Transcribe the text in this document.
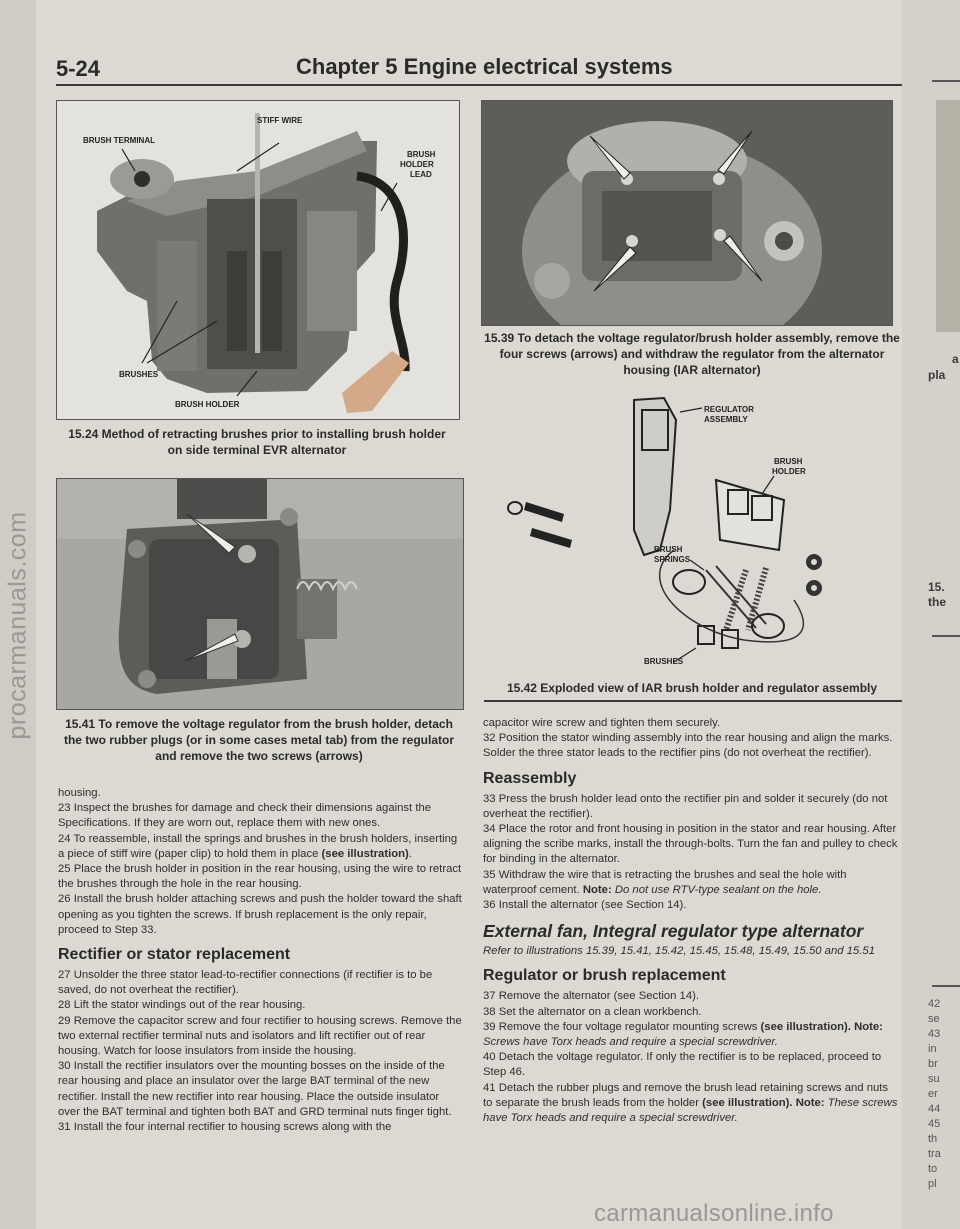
procarmanuals.com
a
pla
15.
the
42
se
43
in
br
su
er
44
45
th
tra
to
pl
5-24	Chapter 5 Engine electrical systems
STIFF WIRE
BRUSH TERMINAL
BRUSH
HOLDER
LEAD
BRUSHES
BRUSH HOLDER
15.24 Method of retracting brushes prior to installing brush holder on side terminal EVR alternator
15.41 To remove the voltage regulator from the brush holder, detach the two rubber plugs (or in some cases metal tab) from the regulator and remove the two screws (arrows)
15.39 To detach the voltage regulator/brush holder assembly, remove the four screws (arrows) and withdraw the regulator from the alternator housing (IAR alternator)
REGULATOR
ASSEMBLY
BRUSH
HOLDER
BRUSH
SPRINGS
BRUSHES
15.42 Exploded view of IAR brush holder and regulator assembly

housing.

23 Inspect the brushes for damage and check their dimensions against the Specifications. If they are worn out, replace them with new ones.

24 To reassemble, install the springs and brushes in the brush holders, inserting a piece of stiff wire (paper clip) to hold them in place (see illustration).

25 Place the brush holder in position in the rear housing, using the wire to retract the brushes through the hole in the rear housing.

26 Install the brush holder attaching screws and push the holder toward the shaft opening as you tighten the screws. If brush replacement is the only repair, proceed to Step 33.

Rectifier or stator replacement

27 Unsolder the three stator lead-to-rectifier connections (if rectifier is to be saved, do not overheat the rectifier).

28 Lift the stator windings out of the rear housing.

29 Remove the capacitor screw and four rectifier to housing screws. Remove the two external rectifier terminal nuts and isolators and lift rectifier out of rear housing. Watch for loose insulators from inside the housing.

30 Install the rectifier insulators over the mounting bosses on the inside of the rear housing and place an insulator over the large BAT terminal of the new rectifier. Install the new rectifier into rear housing. Place the outside insulator over the BAT terminal and tighten both BAT and GRD terminal nuts finger tight.

31 Install the four internal rectifier to housing screws along with the

capacitor wire screw and tighten them securely.

32 Position the stator winding assembly into the rear housing and align the marks. Solder the three stator leads to the rectifier pins (do not overheat the rectifier).

Reassembly

33 Press the brush holder lead onto the rectifier pin and solder it securely (do not overheat the rectifier).

34 Place the rotor and front housing in position in the stator and rear housing. After aligning the scribe marks, install the through-bolts. Turn the fan and pulley to check for binding in the alternator.

35 Withdraw the wire that is retracting the brushes and seal the hole with waterproof cement. Note: Do not use RTV-type sealant on the hole.

36 Install the alternator (see Section 14).

External fan, Integral regulator type alternator

Refer to illustrations 15.39, 15.41, 15.42, 15.45, 15.48, 15.49, 15.50 and 15.51

Regulator or brush replacement

37 Remove the alternator (see Section 14).

38 Set the alternator on a clean workbench.

39 Remove the four voltage regulator mounting screws (see illustration). Note: Screws have Torx heads and require a special screwdriver.

40 Detach the voltage regulator. If only the rectifier is to be replaced, proceed to Step 46.

41 Detach the rubber plugs and remove the brush lead retaining screws and nuts to separate the brush leads from the holder (see illustration). Note: These screws have Torx heads and require a special screwdriver.

carmanualsonline.info
